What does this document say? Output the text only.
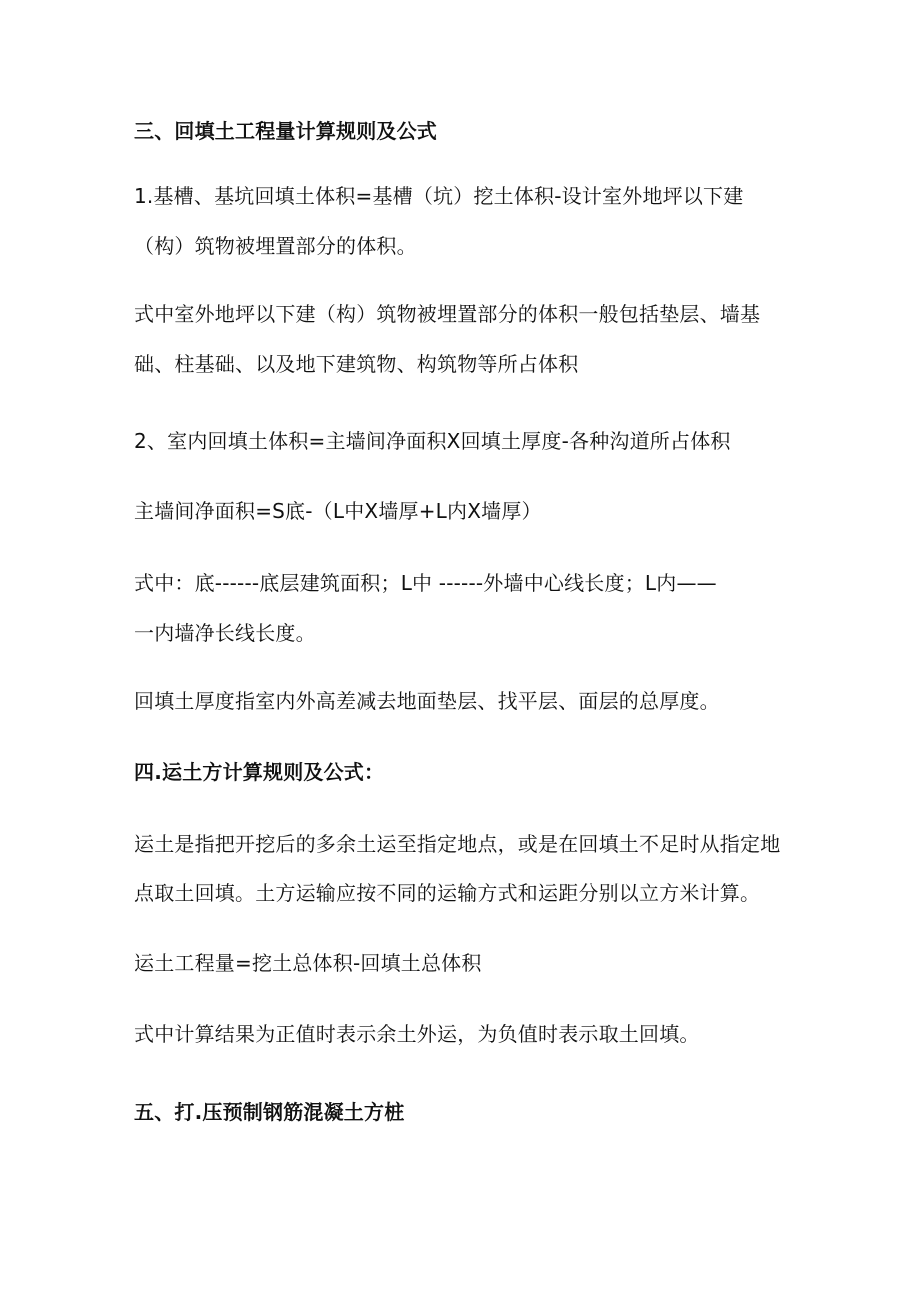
三、回填土工程量计算规则及公式
1.基槽、基坑回填土体积=基槽（坑）挖土体积-设计室外地坪以下建
（构）筑物被埋置部分的体积。
式中室外地坪以下建（构）筑物被埋置部分的体积一般包括垫层、墙基
础、柱基础、以及地下建筑物、构筑物等所占体积
2、室内回填土体积=主墙间净面积X回填土厚度-各种沟道所占体积
主墙间净面积=S底-（L中X墙厚+L内X墙厚）
式中：底------底层建筑面积；L中 ------外墙中心线长度；L内——
一内墙净长线长度。
回填土厚度指室内外高差减去地面垫层、找平层、面层的总厚度。
四.运土方计算规则及公式：
运土是指把开挖后的多余土运至指定地点，或是在回填土不足时从指定地
点取土回填。土方运输应按不同的运输方式和运距分别以立方米计算。
运土工程量=挖土总体积-回填土总体积
式中计算结果为正值时表示余土外运，为负值时表示取土回填。
五、打.压预制钢筋混凝土方桩
